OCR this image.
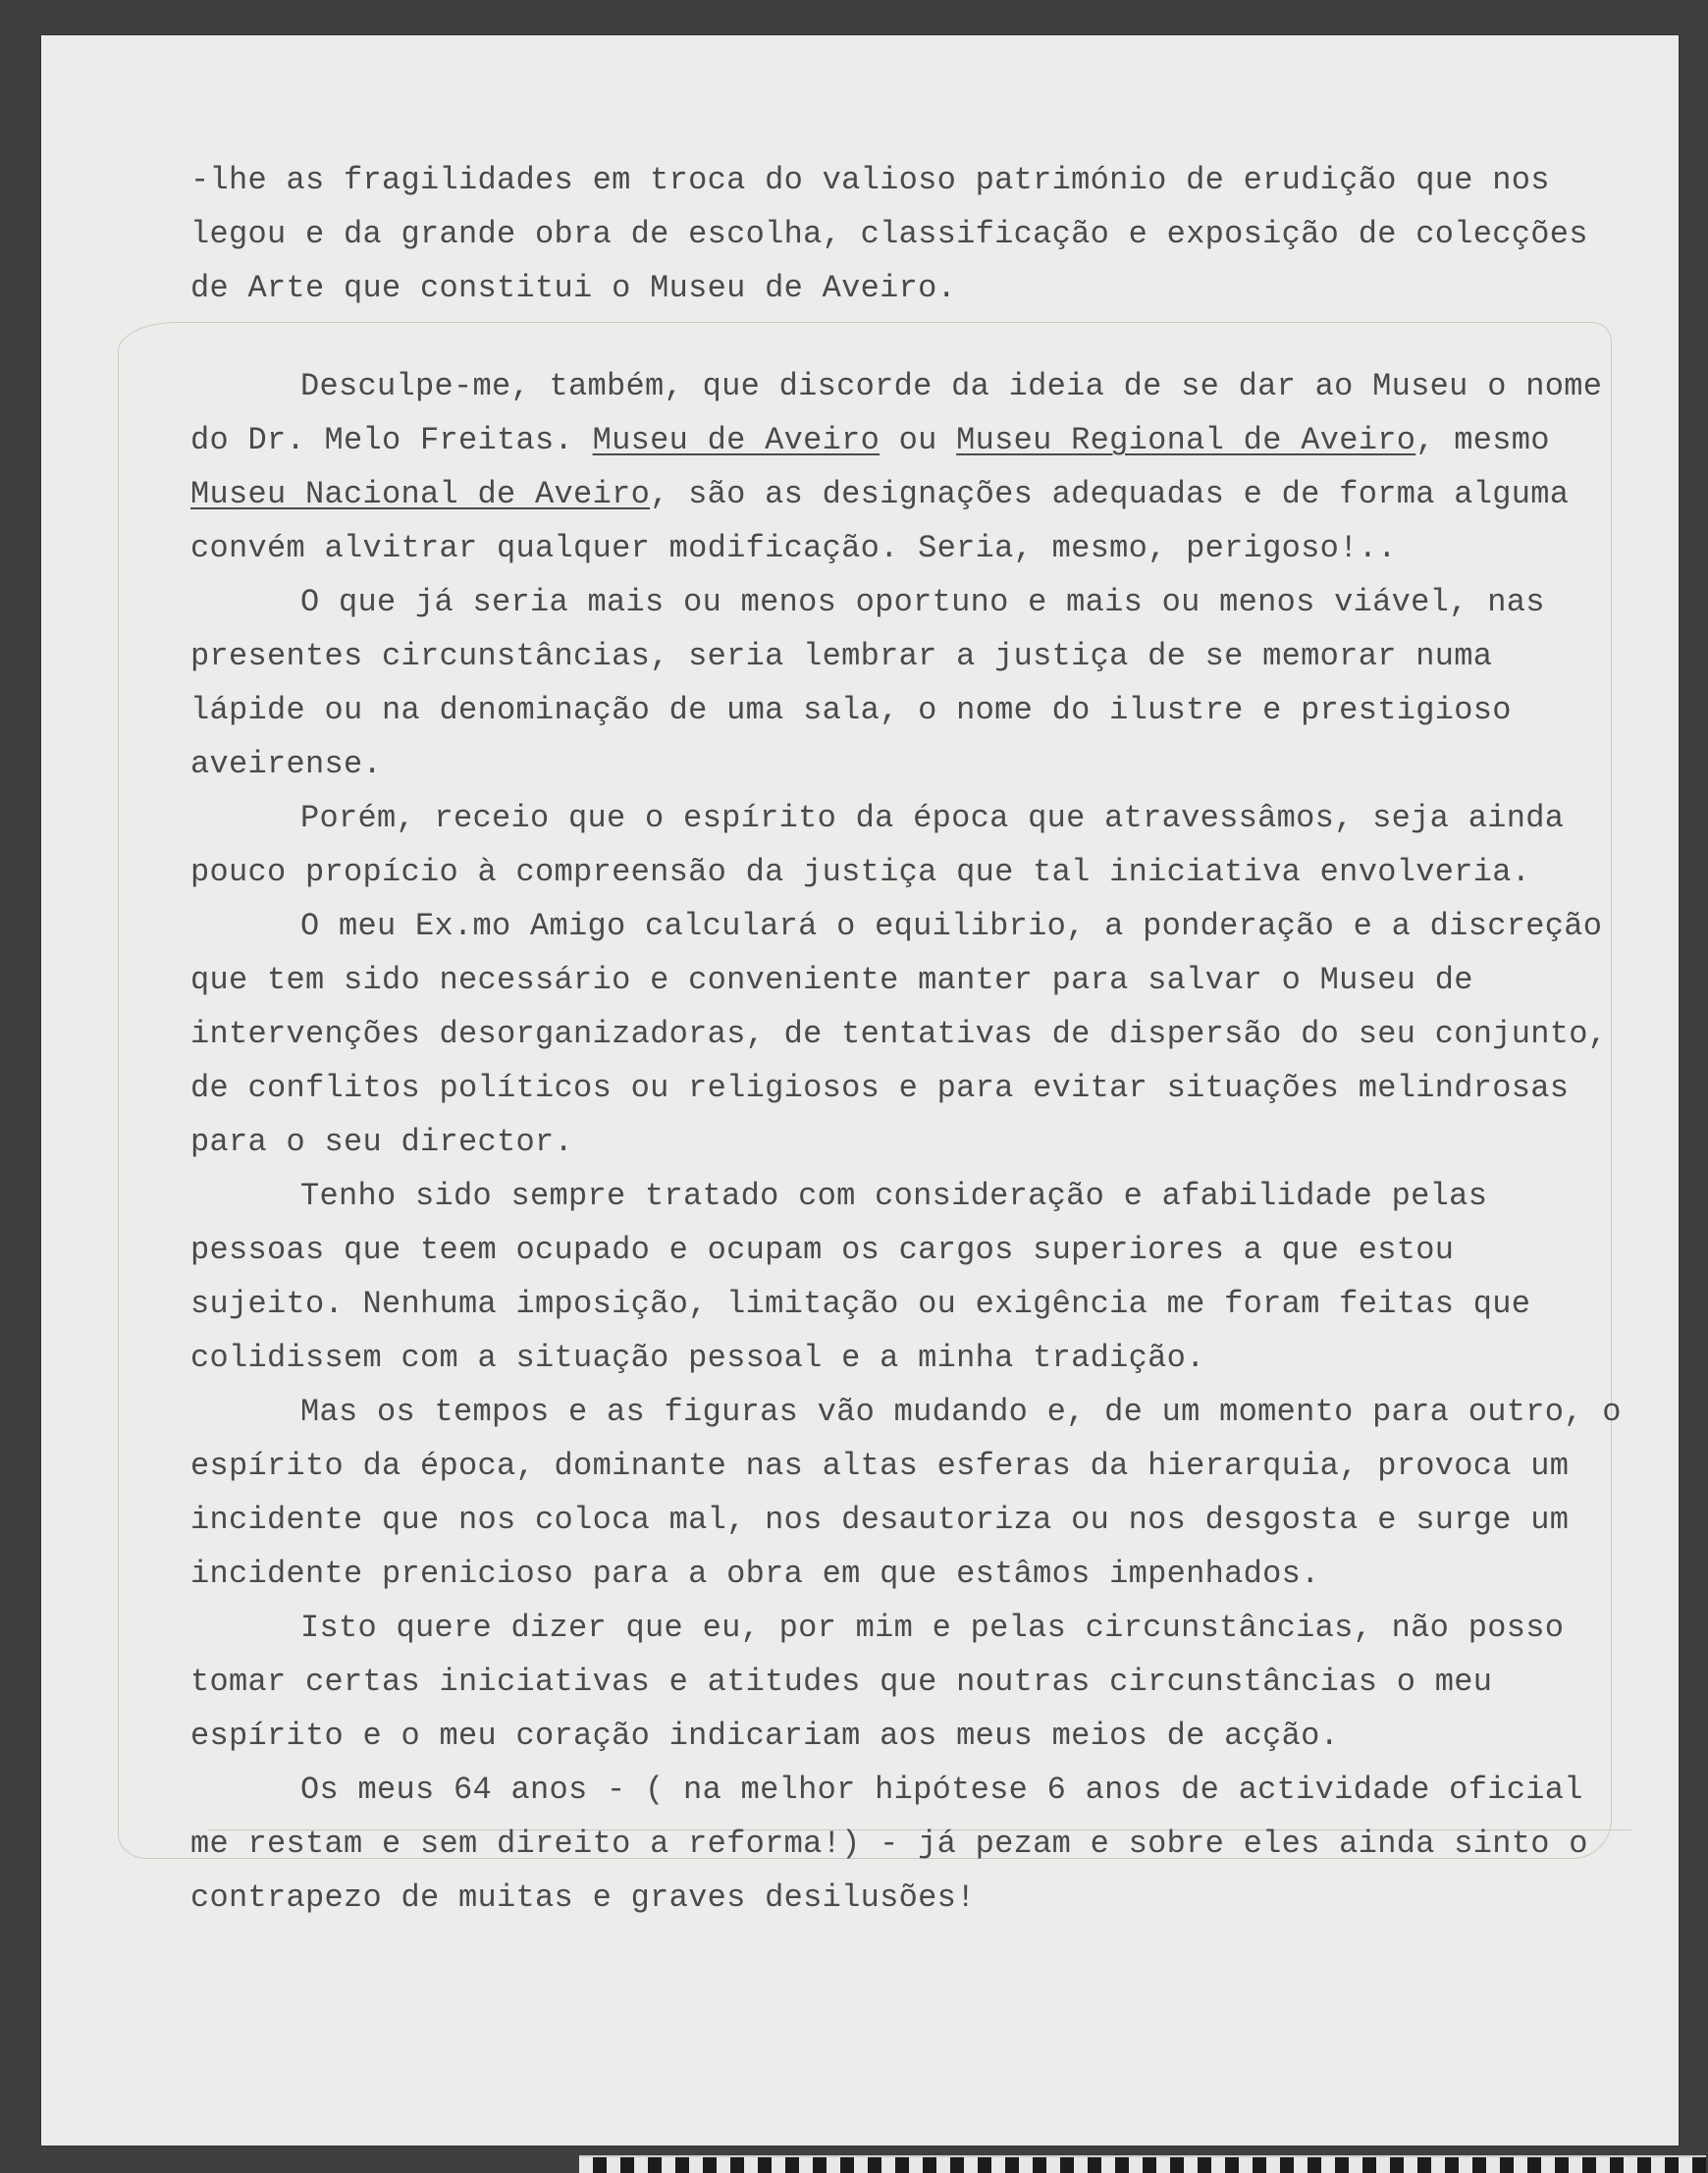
-lhe as fragilidades em troca do valioso património de erudição que nos legou e da grande obra de escolha, classificação e exposição de colecções de Arte que constitui o Museu de Aveiro.

Desculpe-me, também, que discorde da ideia de se dar ao Museu o nome do Dr. Melo Freitas. Museu de Aveiro ou Museu Regional de Aveiro, mesmo Museu Nacional de Aveiro, são as designações adequadas e de forma alguma convém alvitrar qualquer modificação. Seria, mesmo, perigoso!..

O que já seria mais ou menos oportuno e mais ou menos viável, nas presentes circunstâncias, seria lembrar a justiça de se memorar numa lápide ou na denominação de uma sala, o nome do ilustre e prestigioso aveirense.

Porém, receio que o espírito da época que atravessâmos, seja ainda pouco propício à compreensão da justiça que tal iniciativa envolveria.

O meu Ex.mo Amigo calculará o equilibrio, a ponderação e a discreção que tem sido necessário e conveniente manter para salvar o Museu de intervenções desorganizadoras, de tentativas de dispersão do seu conjunto, de conflitos políticos ou religiosos e para evitar situações melindrosas para o seu director.

Tenho sido sempre tratado com consideração e afabilidade pelas pessoas que teem ocupado e ocupam os cargos superiores a que estou sujeito. Nenhuma imposição, limitação ou exigência me foram feitas que colidissem com a situação pessoal e a minha tradição.

Mas os tempos e as figuras vão mudando e, de um momento para outro, o espírito da época, dominante nas altas esferas da hierarquia, provoca um incidente que nos coloca mal, nos desautoriza ou nos desgosta e surge um incidente prenicioso para a obra em que estâmos impenhados.

Isto quere dizer que eu, por mim e pelas circunstâncias, não posso tomar certas iniciativas e atitudes que noutras circunstâncias o meu espírito e o meu coração indicariam aos meus meios de acção.

Os meus 64 anos - ( na melhor hipótese 6 anos de actividade oficial me restam e sem direito a reforma!) - já pezam e sobre eles ainda sinto o contrapezo de muitas e graves desilusões!
